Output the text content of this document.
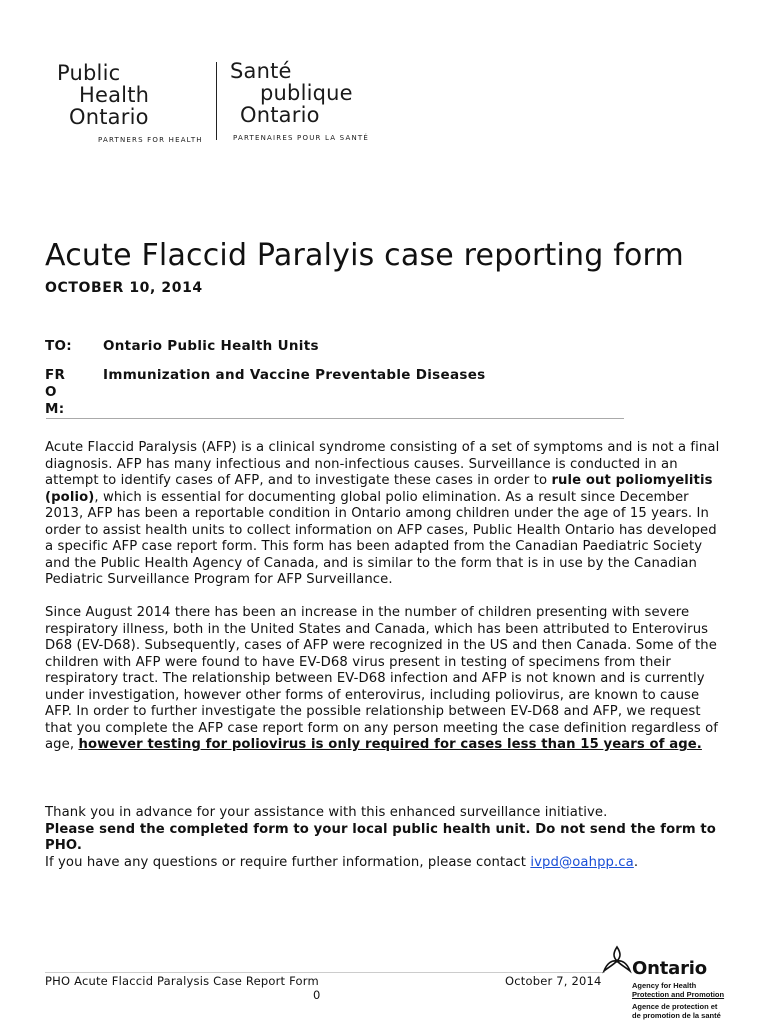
Public
Health
Ontario
PARTNERS FOR HEALTH
Santé
publique
Ontario
PARTENAIRES POUR LA SANTÉ
Acute Flaccid Paralyis case reporting form
OCTOBER 10, 2014
TO: Ontario Public Health Units
FROM:
Immunization and Vaccine Preventable Diseases
Acute Flaccid Paralysis (AFP) is a clinical syndrome consisting of a set of symptoms and is not a final diagnosis. AFP has many infectious and non-infectious causes. Surveillance is conducted in an attempt to identify cases of AFP, and to investigate these cases in order to rule out poliomyelitis (polio), which is essential for documenting global polio elimination. As a result since December 2013, AFP has been a reportable condition in Ontario among children under the age of 15 years. In order to assist health units to collect information on AFP cases, Public Health Ontario has developed a specific AFP case report form. This form has been adapted from the Canadian Paediatric Society and the Public Health Agency of Canada, and is similar to the form that is in use by the Canadian Pediatric Surveillance Program for AFP Surveillance.
Since August 2014 there has been an increase in the number of children presenting with severe respiratory illness, both in the United States and Canada, which has been attributed to Enterovirus D68 (EV-D68). Subsequently, cases of AFP were recognized in the US and then Canada. Some of the children with AFP were found to have EV-D68 virus present in testing of specimens from their respiratory tract. The relationship between EV-D68 infection and AFP is not known and is currently under investigation, however other forms of enterovirus, including poliovirus, are known to cause AFP. In order to further investigate the possible relationship between EV-D68 and AFP, we request that you complete the AFP case report form on any person meeting the case definition regardless of age, however testing for poliovirus is only required for cases less than 15 years of age.
Thank you in advance for your assistance with this enhanced surveillance initiative.
Please send the completed form to your local public health unit. Do not send the form to PHO.
If you have any questions or require further information, please contact ivpd@oahpp.ca.
PHO Acute Flaccid Paralysis Case Report Form	October 7, 2014
0
Ontario
Agency for Health
Protection and Promotion
Agence de protection et
de promotion de la santé
